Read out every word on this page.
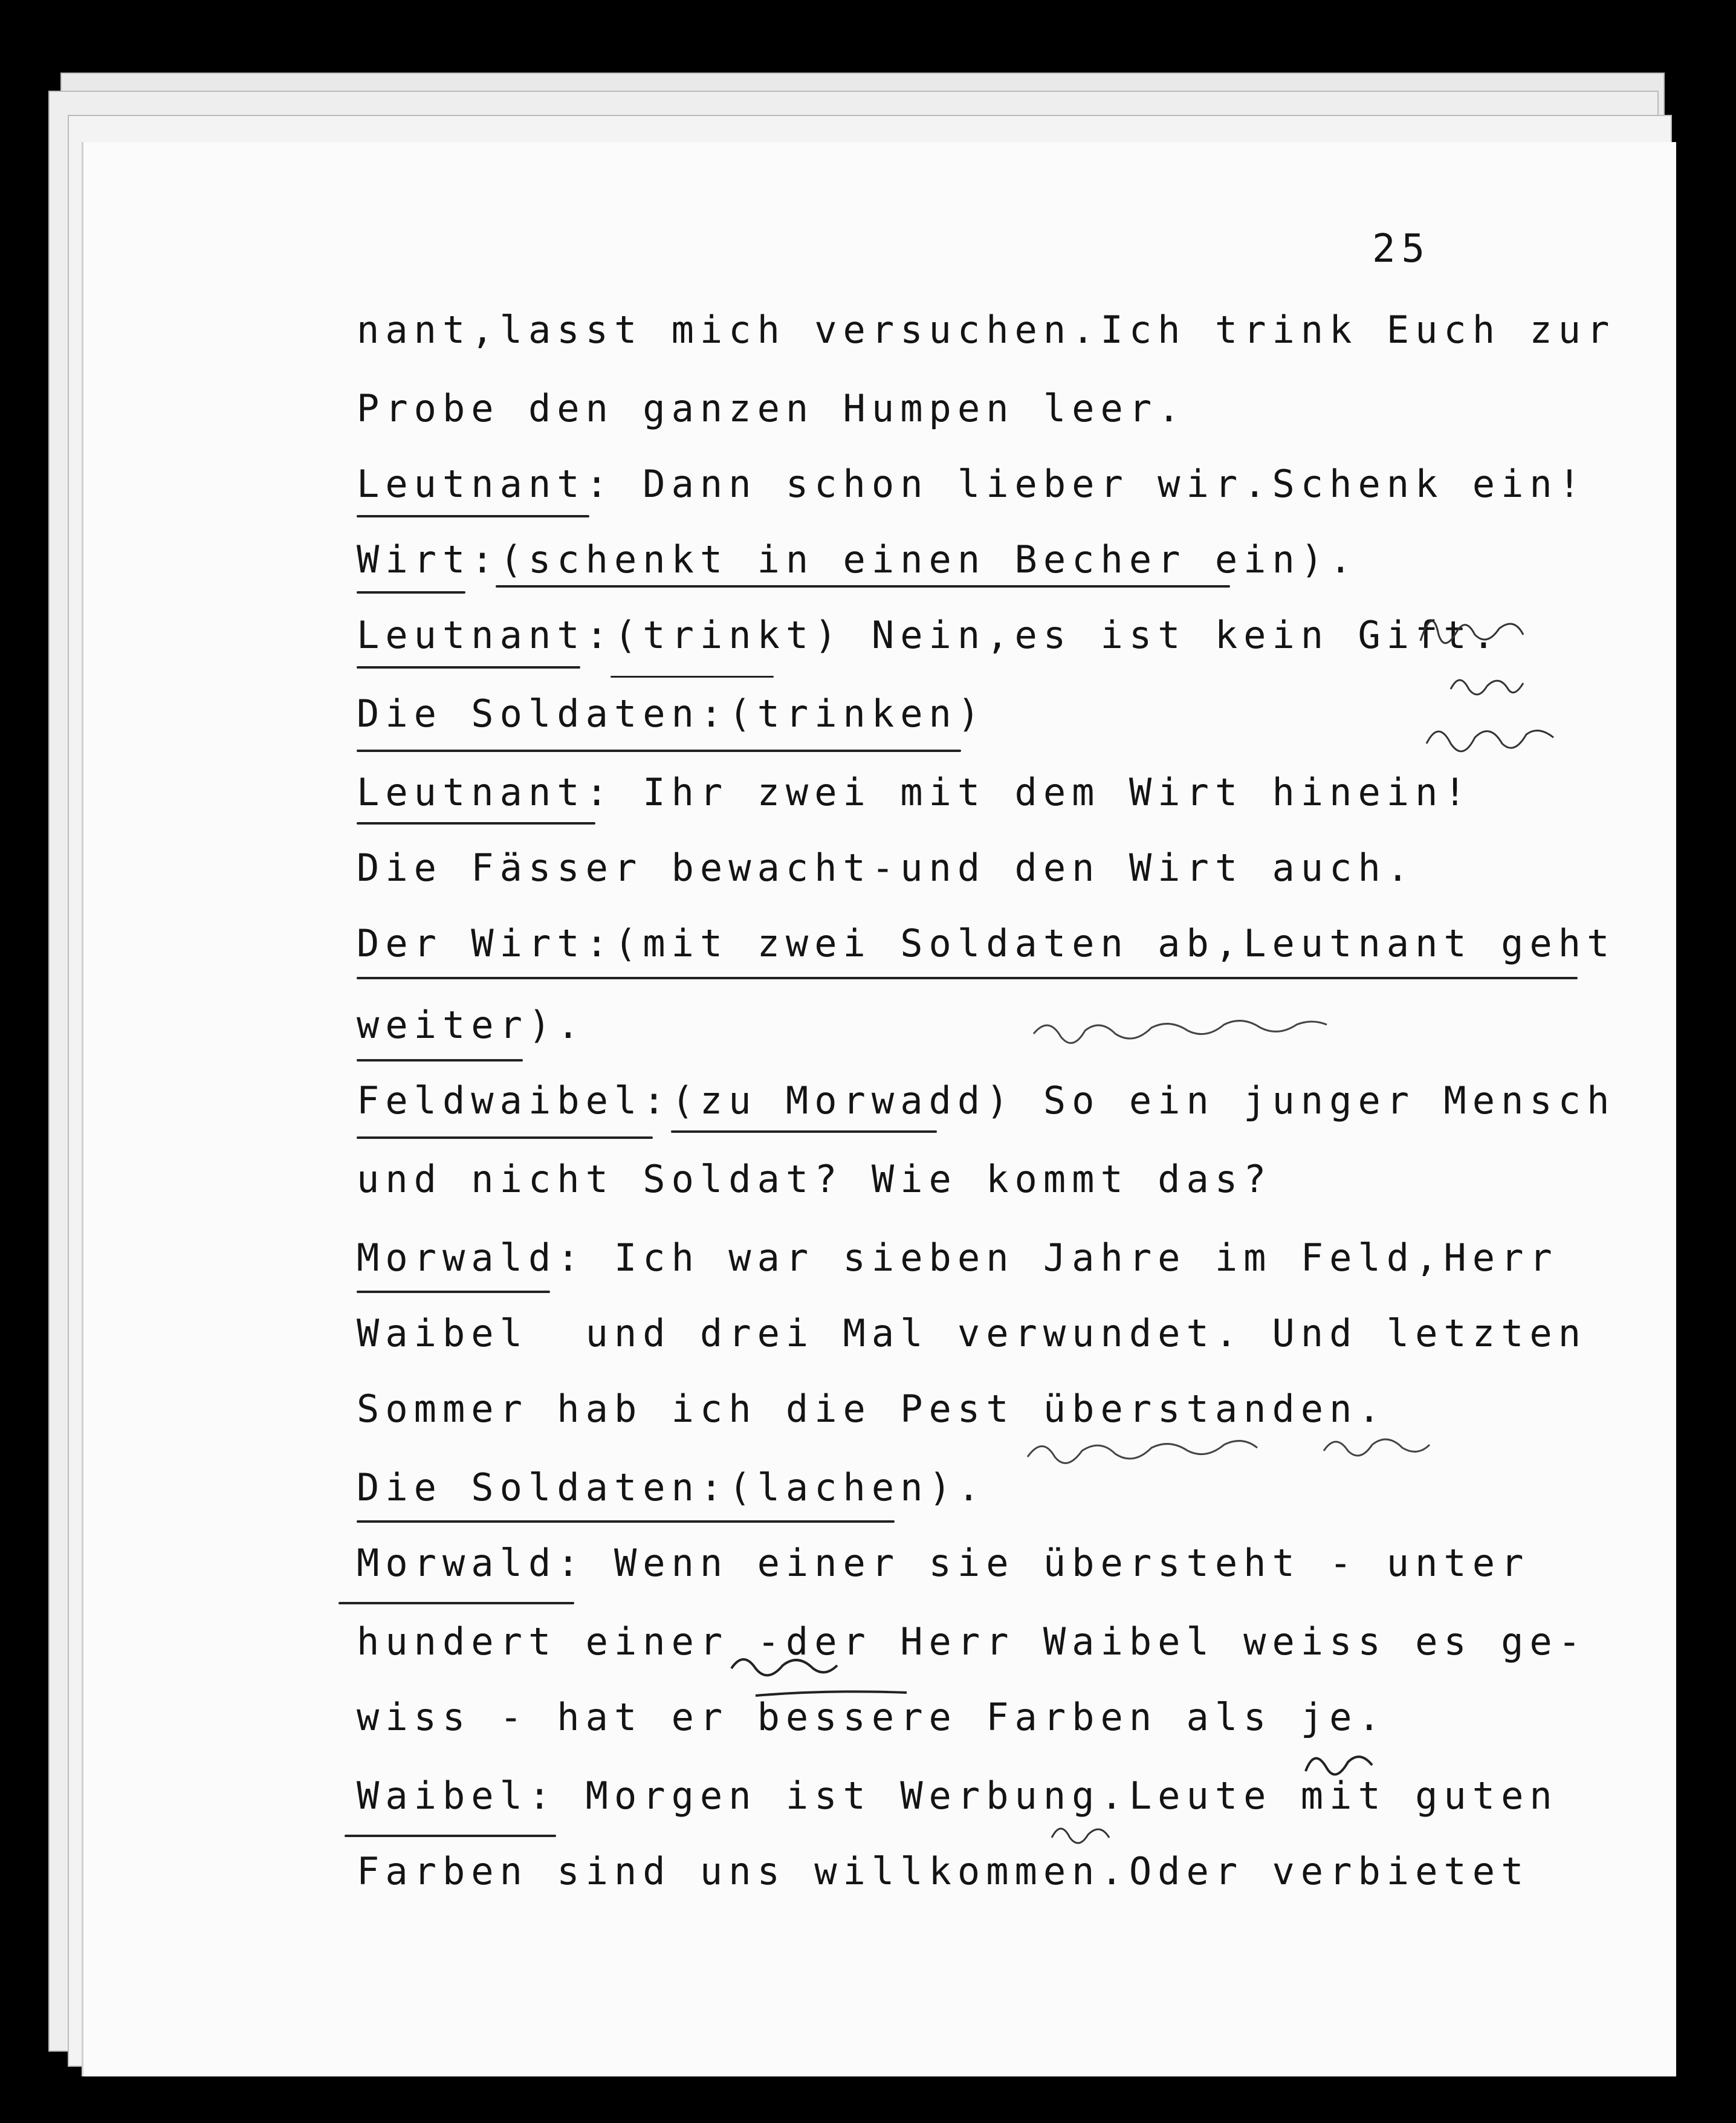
25
nant,lasst mich versuchen.Ich trink Euch zur
Probe den ganzen Humpen leer.
Leutnant: Dann schon lieber wir.Schenk ein!
Wirt:(schenkt in einen Becher ein).
Leutnant:(trinkt) Nein,es ist kein Gift.
Die Soldaten:(trinken)
Leutnant: Ihr zwei mit dem Wirt hinein!
Die Fässer bewacht-und den Wirt auch.
Der Wirt:(mit zwei Soldaten ab,Leutnant geht
weiter).
Feldwaibel:(zu Morwadd) So ein junger Mensch
und nicht Soldat? Wie kommt das?
Morwald: Ich war sieben Jahre im Feld,Herr
Waibel  und drei Mal verwundet. Und letzten
Sommer hab ich die Pest überstanden.
Die Soldaten:(lachen).
Morwald: Wenn einer sie übersteht - unter
hundert einer -der Herr Waibel weiss es ge-
wiss - hat er bessere Farben als je.
Waibel: Morgen ist Werbung.Leute mit guten
Farben sind uns willkommen.Oder verbietet
